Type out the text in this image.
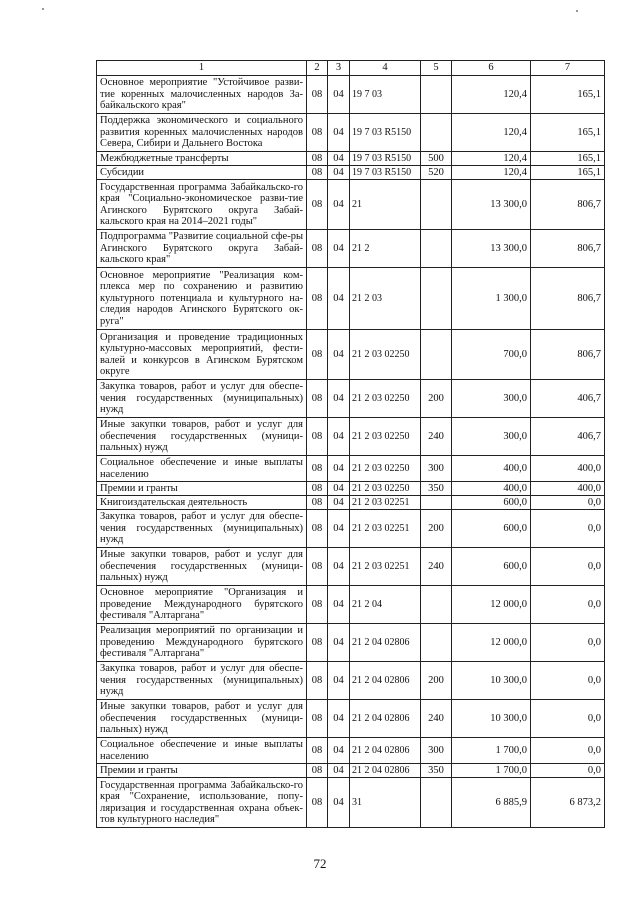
1	2	3	4	5	6	7
Основное мероприятие "Устойчивое разви-тие коренных малочисленных народов За-байкальского края"	08	04	19 7 03		120,4	165,1
Поддержка экономического и социального развития коренных малочисленных народов Севера, Сибири и Дальнего Востока	08	04	19 7 03 R5150		120,4	165,1
Межбюджетные трансферты	08	04	19 7 03 R5150	500	120,4	165,1
Субсидии	08	04	19 7 03 R5150	520	120,4	165,1
Государственная программа Забайкальско-го края "Социально-экономическое разви-тие Агинского Бурятского округа Забай-кальского края на 2014–2021 годы"	08	04	21		13 300,0	806,7
Подпрограмма "Развитие социальной сфе-ры Агинского Бурятского округа Забай-кальского края"	08	04	21 2		13 300,0	806,7
Основное мероприятие "Реализация ком-плекса мер по сохранению и развитию культурного потенциала и культурного на-следия народов Агинского Бурятского ок-руга"	08	04	21 2 03		1 300,0	806,7
Организация и проведение традиционных культурно-массовых мероприятий, фести-валей и конкурсов в Агинском Бурятском округе	08	04	21 2 03 02250		700,0	806,7
Закупка товаров, работ и услуг для обеспе-чения государственных (муниципальных) нужд	08	04	21 2 03 02250	200	300,0	406,7
Иные закупки товаров, работ и услуг для обеспечения государственных (муници-пальных) нужд	08	04	21 2 03 02250	240	300,0	406,7
Социальное обеспечение и иные выплаты населению	08	04	21 2 03 02250	300	400,0	400,0
Премии и гранты	08	04	21 2 03 02250	350	400,0	400,0
Книгоиздательская деятельность	08	04	21 2 03 02251		600,0	0,0
Закупка товаров, работ и услуг для обеспе-чения государственных (муниципальных) нужд	08	04	21 2 03 02251	200	600,0	0,0
Иные закупки товаров, работ и услуг для обеспечения государственных (муници-пальных) нужд	08	04	21 2 03 02251	240	600,0	0,0
Основное мероприятие "Организация и проведение Международного бурятского фестиваля "Алтаргана"	08	04	21 2 04		12 000,0	0,0
Реализация мероприятий по организации и проведению Международного бурятского фестиваля "Алтаргана"	08	04	21 2 04 02806		12 000,0	0,0
Закупка товаров, работ и услуг для обеспе-чения государственных (муниципальных) нужд	08	04	21 2 04 02806	200	10 300,0	0,0
Иные закупки товаров, работ и услуг для обеспечения государственных (муници-пальных) нужд	08	04	21 2 04 02806	240	10 300,0	0,0
Социальное обеспечение и иные выплаты населению	08	04	21 2 04 02806	300	1 700,0	0,0
Премии и гранты	08	04	21 2 04 02806	350	1 700,0	0,0
Государственная программа Забайкальско-го края "Сохранение, использование, попу-ляризация и государственная охрана объек-тов культурного наследия"	08	04	31		6 885,9	6 873,2
72
